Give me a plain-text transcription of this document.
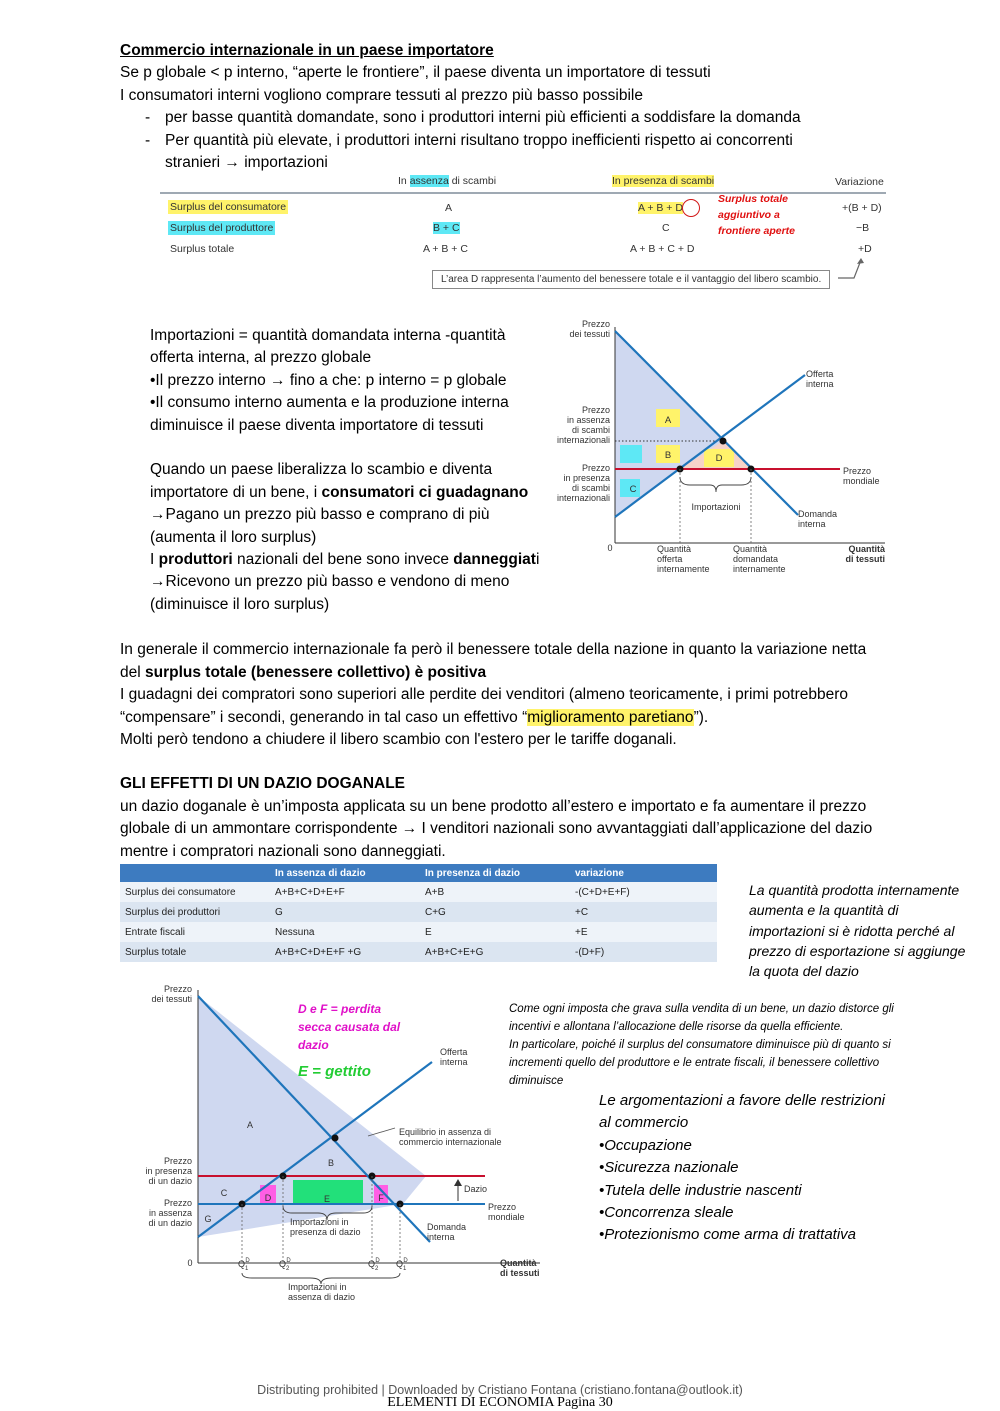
Commercio internazionale in un paese importatore
Se p globale < p interno, “aperte le frontiere”, il paese diventa un importatore di tessuti
I consumatori interni vogliono comprare tessuti al prezzo più basso possibile
- per basse quantità domandate, sono i produttori interni più efficienti a soddisfare la domanda
- Per quantità più elevate, i produttori interni risultano troppo inefficienti rispetto ai concorrenti
stranieri → importazioni
In assenza di scambi	In presenza di scambi	Variazione
Surplus del consumatore	A	A + B + D	+(B + D)
Surplus del produttore	B + C	C	−B
Surplus totale	A + B + C	A + B + C + D	+D
Surplus totale
aggiuntivo a
frontiere aperte
L’area D rappresenta l’aumento del benessere totale e il vantaggio del libero scambio.
Importazioni = quantità domandata interna -quantità
offerta interna, al prezzo globale
•Il prezzo interno → fino a che: p interno = p globale
•Il consumo interno aumenta e la produzione interna
diminuisce il paese diventa importatore di tessuti
Quando un paese liberalizza lo scambio e diventa
importatore di un bene, i consumatori ci guadagnano
→Pagano un prezzo più basso e comprano di più
(aumenta il loro surplus)
I produttori nazionali del bene sono invece danneggiati
→Ricevono un prezzo più basso e vendono di meno
(diminuisce il loro surplus)
A
B
C
D
Prezzo dei tessuti
Offerta interna
Prezzo in assenza di scambi internazionali
Prezzo in presenza di scambi internazionali
Prezzo mondiale
Domanda interna
Importazioni
0	Quantità offerta internamente
Quantità domandata internamente
Quantità di tessuti
In generale il commercio internazionale fa però il benessere totale della nazione in quanto la variazione netta
del surplus totale (benessere collettivo) è positiva
I guadagni dei compratori sono superiori alle perdite dei venditori (almeno teoricamente, i primi potrebbero
“compensare” i secondi, generando in tal caso un effettivo “miglioramento paretiano”).
Molti però tendono a chiudere il libero scambio con l'estero per le tariffe doganali.
GLI EFFETTI DI UN DAZIO DOGANALE
un dazio doganale è un’imposta applicata su un bene prodotto all’estero e importato e fa aumentare il prezzo
globale di un ammontare corrispondente → I venditori nazionali sono avvantaggiati dall’applicazione del dazio
mentre i compratori nazionali sono danneggiati.
	In assenza di dazio	In presenza di dazio	variazione
Surplus dei consumatore	A+B+C+D+E+F	A+B	-(C+D+E+F)
Surplus dei produttori	G	C+G	+C
Entrate fiscali	Nessuna	E	+E
Surplus totale	A+B+C+D+E+F +G	A+B+C+E+G	-(D+F)
La quantità prodotta internamente
aumenta e la quantità di
importazioni si è ridotta perché al
prezzo di esportazione si aggiunge
la quota del dazio
A
B
C	D	E	F
G
Prezzo dei tessuti
Offerta interna
Equilibrio in assenza di commercio internazionale
Prezzo in presenza di un dazio
Prezzo in assenza di un dazio
Dazio
Prezzo mondiale
Domanda interna
Importazioni in presenza di dazio
Importazioni in assenza di dazio
0	Quantità di tessuti
$Q_1D$	$Q_2D$	$Q_2D$ $Q_1D$
D e F = perdita secca causata dal dazio
E = gettito
Come ogni imposta che grava sulla vendita di un bene, un dazio distorce gli
incentivi e allontana l’allocazione delle risorse da quella efficiente.
In particolare, poiché il surplus del consumatore diminuisce più di quanto si
incrementi quello del produttore e le entrate fiscali, il benessere collettivo
diminuisce
Le argomentazioni a favore delle restrizioni
al commercio
•Occupazione
•Sicurezza nazionale
•Tutela delle industrie nascenti
•Concorrenza sleale
•Protezionismo come arma di trattativa
Distributing prohibited | Downloaded by Cristiano Fontana (cristiano.fontana@outlook.it)
ELEMENTI DI ECONOMIA Pagina 30
